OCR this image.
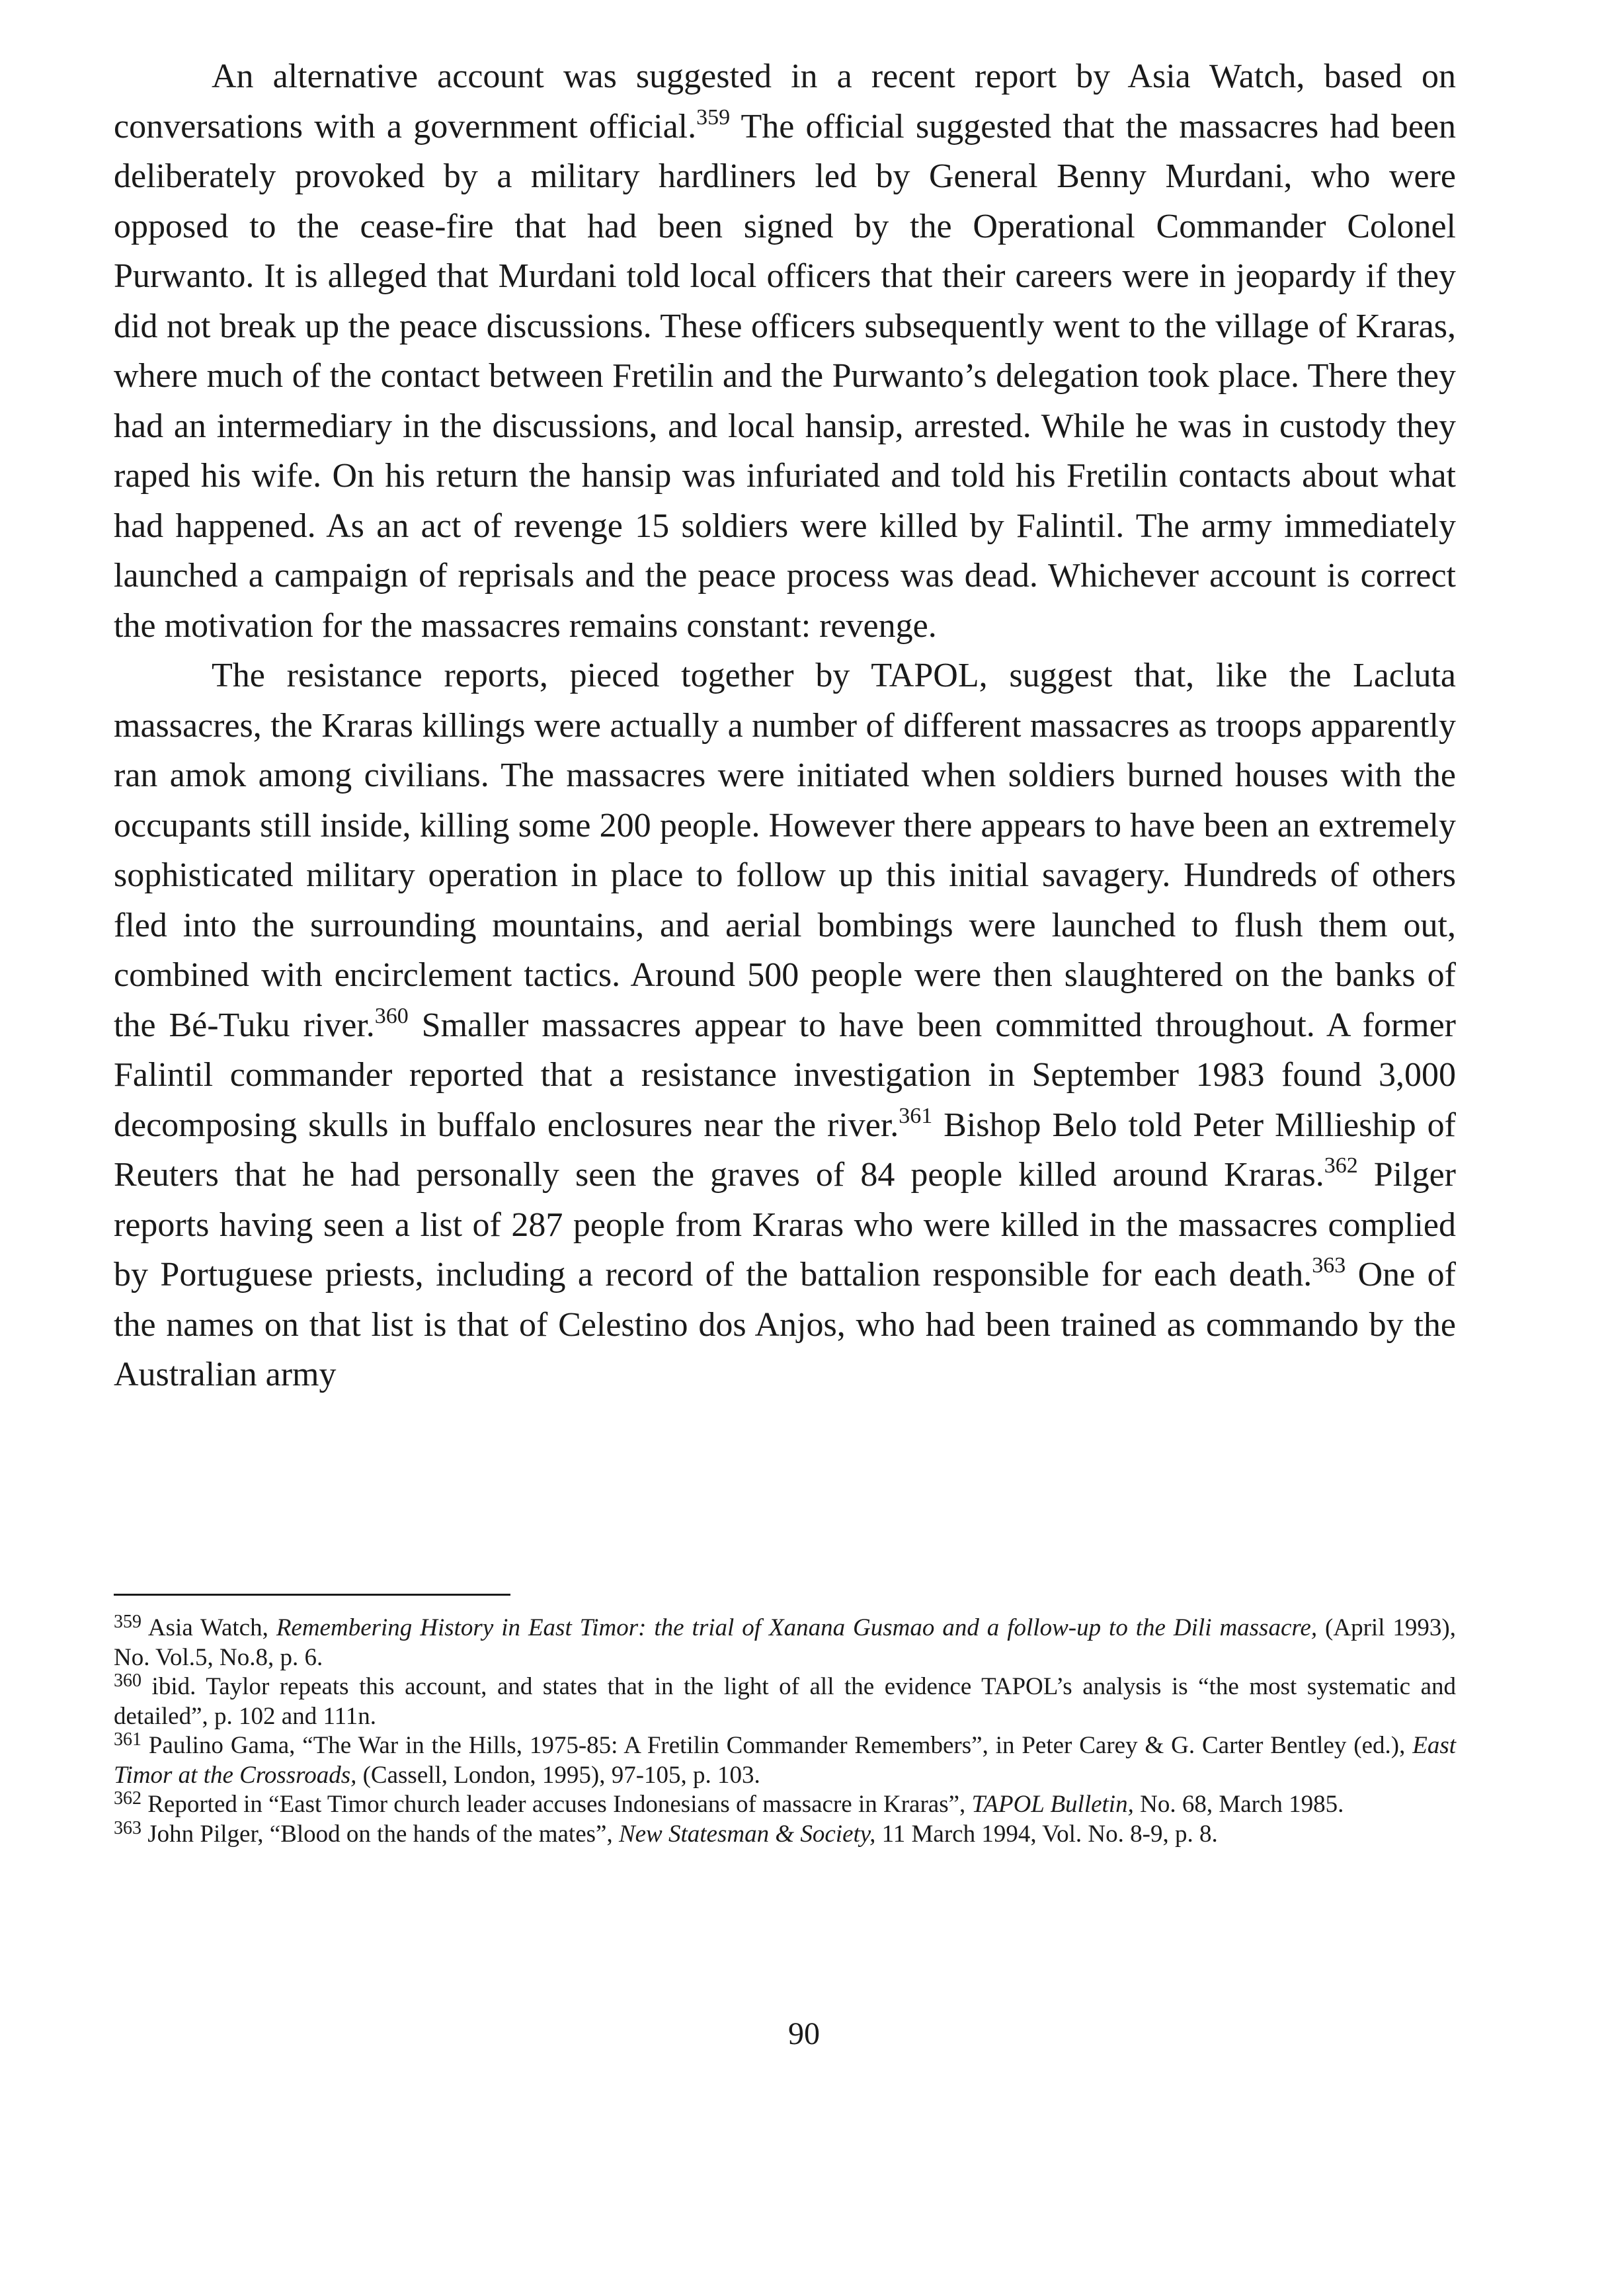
An alternative account was suggested in a recent report by Asia Watch, based on conversations with a government official.$^{359}$ The official suggested that the massacres had been deliberately provoked by a military hardliners led by General Benny Murdani, who were opposed to the cease-fire that had been signed by the Operational Commander Colonel Purwanto. It is alleged that Murdani told local officers that their careers were in jeopardy if they did not break up the peace discussions. These officers subsequently went to the village of Kraras, where much of the contact between Fretilin and the Purwanto’s delegation took place. There they had an intermediary in the discussions, and local hansip, arrested. While he was in custody they raped his wife. On his return the hansip was infuriated and told his Fretilin contacts about what had happened. As an act of revenge 15 soldiers were killed by Falintil. The army immediately launched a campaign of reprisals and the peace process was dead. Whichever account is correct the motivation for the massacres remains constant: revenge.

The resistance reports, pieced together by TAPOL, suggest that, like the Lacluta massacres, the Kraras killings were actually a number of different massacres as troops apparently ran amok among civilians. The massacres were initiated when soldiers burned houses with the occupants still inside, killing some 200 people. However there appears to have been an extremely sophisticated military operation in place to follow up this initial savagery. Hundreds of others fled into the surrounding mountains, and aerial bombings were launched to flush them out, combined with encirclement tactics. Around 500 people were then slaughtered on the banks of the Bé-Tuku river.$^{360}$ Smaller massacres appear to have been committed throughout. A former Falintil commander reported that a resistance investigation in September 1983 found 3,000 decomposing skulls in buffalo enclosures near the river.$^{361}$ Bishop Belo told Peter Millieship of Reuters that he had personally seen the graves of 84 people killed around Kraras.$^{362}$ Pilger reports having seen a list of 287 people from Kraras who were killed in the massacres complied by Portuguese priests, including a record of the battalion responsible for each death.$^{363}$ One of the names on that list is that of Celestino dos Anjos, who had been trained as commando by the Australian army

$^{359}$ Asia Watch, Remembering History in East Timor: the trial of Xanana Gusmao and a follow-up to the Dili massacre, (April 1993), No. Vol.5, No.8, p. 6.

$^{360}$ ibid. Taylor repeats this account, and states that in the light of all the evidence TAPOL’s analysis is “the most systematic and detailed”, p. 102 and 111n.

$^{361}$ Paulino Gama, “The War in the Hills, 1975-85: A Fretilin Commander Remembers”, in Peter Carey & G. Carter Bentley (ed.), East Timor at the Crossroads, (Cassell, London, 1995), 97-105, p. 103.

$^{362}$ Reported in “East Timor church leader accuses Indonesians of massacre in Kraras”, TAPOL Bulletin, No. 68, March 1985.

$^{363}$ John Pilger, “Blood on the hands of the mates”, New Statesman & Society, 11 March 1994, Vol. No. 8-9, p. 8.

90
